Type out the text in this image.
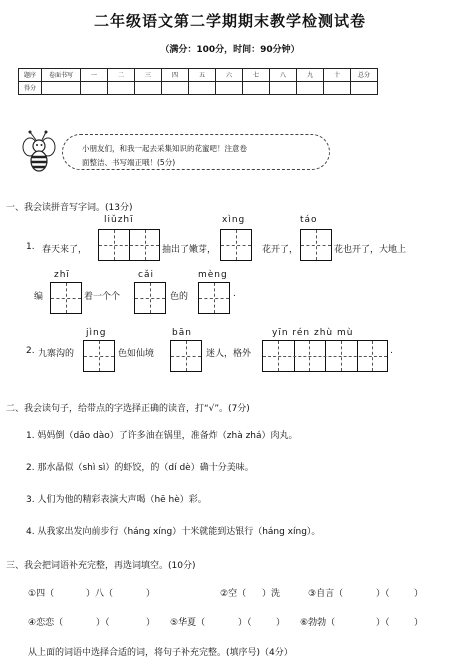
二年级语文第二学期期末教学检测试卷
（满分：100分，时间：90分钟）
题序	卷面书写	一	二	三	四	五	六	七	八	九	十	总分
得分												
小朋友们，和我一起去采集知识的花蜜吧！注意卷
面整洁、书写端正哦！(5分)
一、我会读拼音写字词。(13分)
liǔzhī	xìng	táo
1. 春天来了，	抽出了嫩芽，	花开了，	花也开了，大地上
zhī	cǎi	mèng
编	着一个个	色的	.
jìng	bān	yīn rén zhù mù
2. 九寨沟的	色如仙境	迷人，格外	.
二、我会读句子，给带点的字选择正确的读音，打“√”。(7分)
1. 妈妈倒（dǎo dào）了许多油在锅里，准备炸（zhà zhá）肉丸。
2. 那水晶似（shì sì）的虾饺，的（dí dè）确十分美味。
3. 人们为他的精彩表演大声喝（hē hè）彩。
4. 从我家出发向前步行（háng xíng）十米就能到达银行（háng xíng）。
三、我会把词语补充完整，再选词填空。(10分)
①四（	）八（	）	②空（ ）洗	③自言（	）（	）
④恋恋（	）（	） ⑤华夏（	）（	） ⑥勃勃（	）（	）
从上面的词语中选择合适的词，将句子补充完整。(填序号)（4分）
